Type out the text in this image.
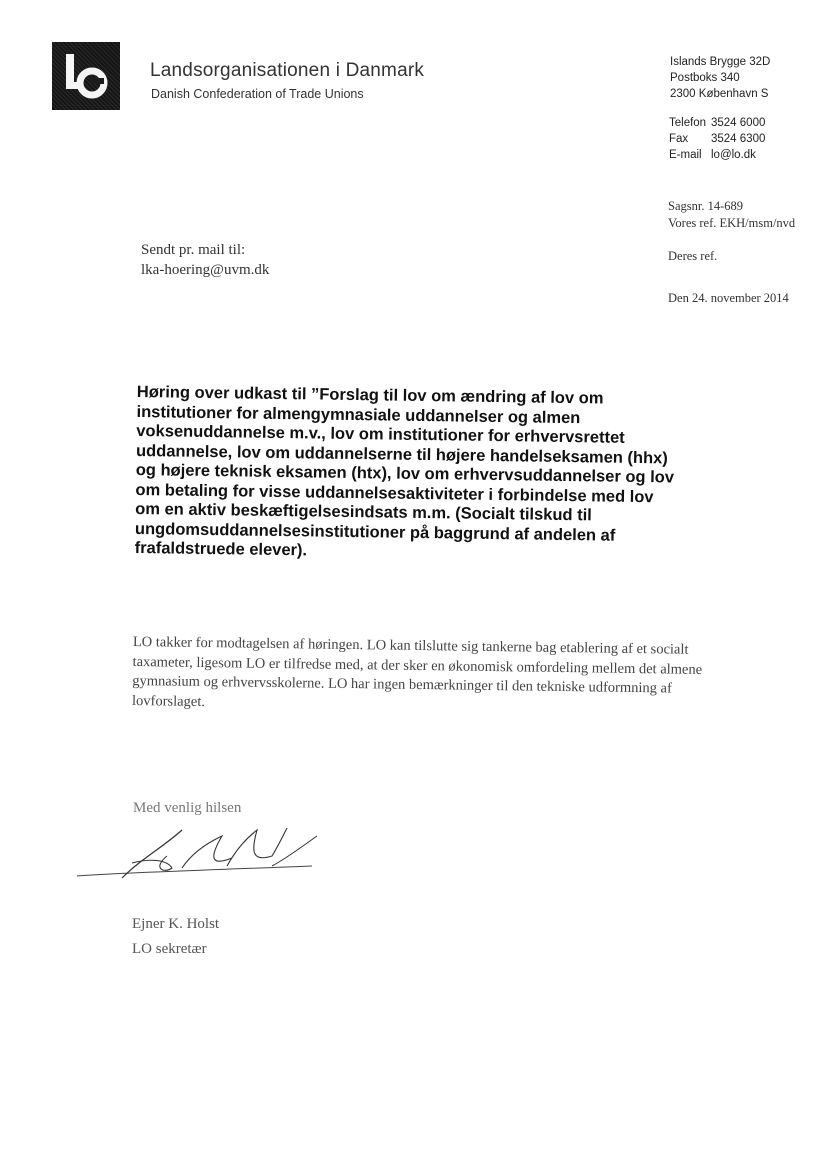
Landsorganisationen i Danmark
Danish Confederation of Trade Unions
Islands Brygge 32D
Postboks 340
2300 København S
Telefon 3524 6000
Fax 3524 6300
E-mail lo@lo.dk
Sagsnr. 14-689
Vores ref. EKH/msm/nvd
Deres ref.
Den 24. november 2014
Sendt pr. mail til:
lka-hoering@uvm.dk
Høring over udkast til ”Forslag til lov om ændring af lov om institutioner for almengymnasiale uddannelser og almen voksenuddannelse m.v., lov om institutioner for erhvervsrettet uddannelse, lov om uddannelserne til højere handelseksamen (hhx) og højere teknisk eksamen (htx), lov om erhvervsuddannelser og lov om betaling for visse uddannelsesaktiviteter i forbindelse med lov om en aktiv beskæftigelsesindsats m.m. (Socialt tilskud til ungdomsuddannelsesinstitutioner på baggrund af andelen af frafaldstruede elever).
LO takker for modtagelsen af høringen. LO kan tilslutte sig tankerne bag etablering af et socialt taxameter, ligesom LO er tilfredse med, at der sker en økonomisk omfordeling mellem det almene gymnasium og erhvervsskolerne. LO har ingen bemærkninger til den tekniske udformning af lovforslaget.
Med venlig hilsen
Ejner K. Holst
LO sekretær
